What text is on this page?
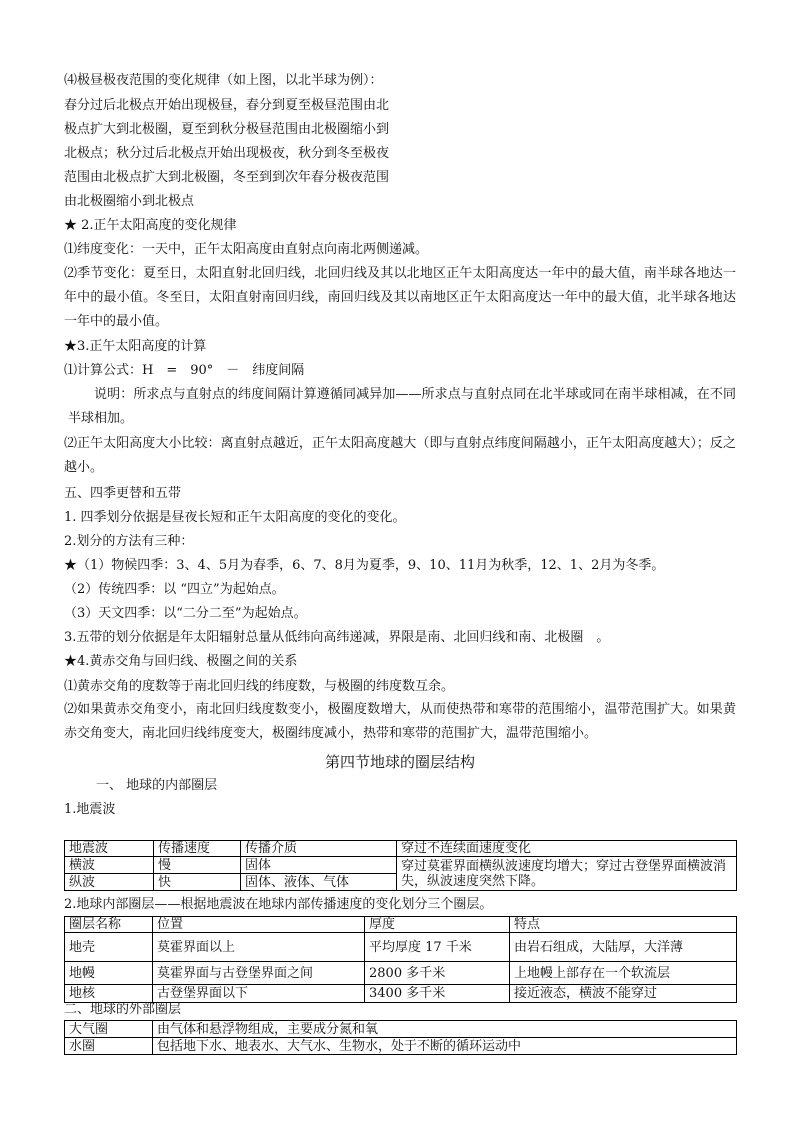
⑷极昼极夜范围的变化规律（如上图，以北半球为例）：

春分过后北极点开始出现极昼，春分到夏至极昼范围由北

极点扩大到北极圈，夏至到秋分极昼范围由北极圈缩小到

北极点；秋分过后北极点开始出现极夜，秋分到冬至极夜

范围由北极点扩大到北极圈，冬至到到次年春分极夜范围

由北极圈缩小到北极点

★ 2.正午太阳高度的变化规律

⑴纬度变化：一天中，正午太阳高度由直射点向南北两侧递减。

⑵季节变化：夏至日，太阳直射北回归线，北回归线及其以北地区正午太阳高度达一年中的最大值，南半球各地达一年中的最小值。冬至日，太阳直射南回归线，南回归线及其以南地区正午太阳高度达一年中的最大值，北半球各地达一年中的最小值。

★3.正午太阳高度的计算

⑴计算公式：H　=　90°　－　纬度间隔

说明：所求点与直射点的纬度间隔计算遵循同减异加——所求点与直射点同在北半球或同在南半球相减，在不同半球相加。

⑵正午太阳高度大小比较：离直射点越近，正午太阳高度越大（即与直射点纬度间隔越小，正午太阳高度越大）；反之越小。

五、四季更替和五带

1. 四季划分依据是昼夜长短和正午太阳高度的变化的变化。

2.划分的方法有三种：

★（1）物候四季：3、4、5月为春季，6、7、8月为夏季，9、10、11月为秋季，12、1、2月为冬季。

（2）传统四季：以 “四立”为起始点。

（3）天文四季：以“二分二至”为起始点。

3.五带的划分依据是年太阳辐射总量从低纬向高纬递减，界限是南、北回归线和南、北极圈　。

★4.黄赤交角与回归线、极圈之间的关系

⑴黄赤交角的度数等于南北回归线的纬度数，与极圈的纬度数互余。

⑵如果黄赤交角变小，南北回归线度数变小，极圈度数增大，从而使热带和寒带的范围缩小，温带范围扩大。如果黄赤交角变大，南北回归线纬度变大，极圈纬度减小，热带和寒带的范围扩大，温带范围缩小。

第四节地球的圈层结构

一、 地球的内部圈层

1.地震波

地震波	传播速度	传播介质	穿过不连续面速度变化
横波	慢	固体	穿过莫霍界面横纵波速度均增大；穿过古登堡界面横波消失，纵波速度突然下降。
纵波	快	固体、液体、气体	

2.地球内部圈层——根据地震波在地球内部传播速度的变化划分三个圈层。

圈层名称	位置	厚度	特点
地壳	莫霍界面以上	平均厚度 17 千米	由岩石组成，大陆厚，大洋薄
地幔	莫霍界面与古登堡界面之间	2800 多千米	上地幔上部存在一个软流层
地核	古登堡界面以下	3400 多千米	接近液态，横波不能穿过

二、地球的外部圈层

大气圈	由气体和悬浮物组成，主要成分氮和氧
水圈	包括地下水、地表水、大气水、生物水，处于不断的循环运动中
